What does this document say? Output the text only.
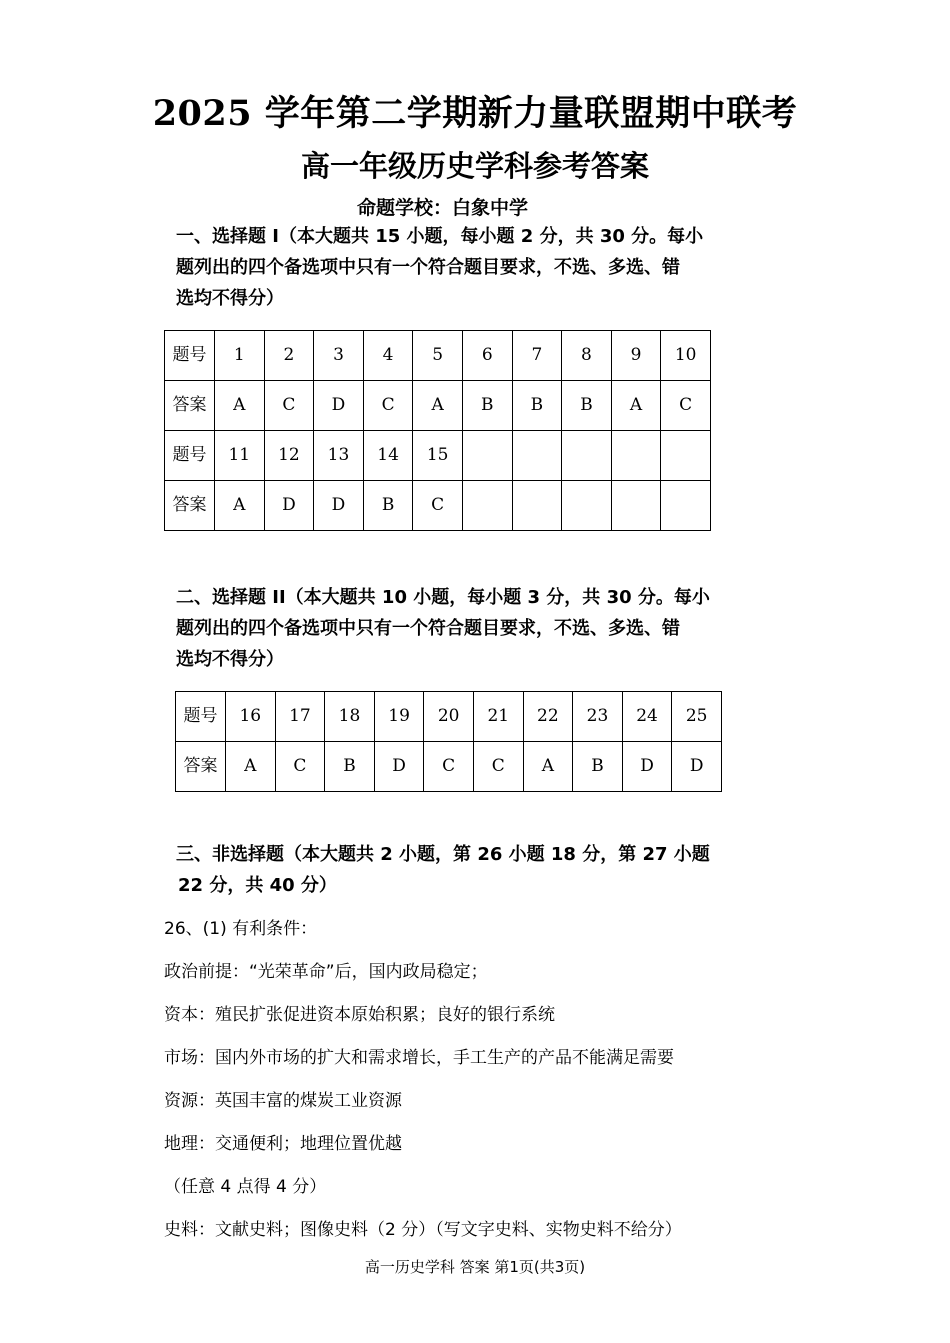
2025 学年第二学期新力量联盟期中联考
高一年级历史学科参考答案
命题学校：白象中学
一、选择题 I（本大题共 15 小题，每小题 2 分，共 30 分。每小
题列出的四个备选项中只有一个符合题目要求，不选、多选、错
选均不得分）
题号	1	2	3	4	5	6	7	8	9	10
答案	A	C	D	C	A	B	B	B	A	C
题号	11	12	13	14	15					
答案	A	D	D	B	C					
二、选择题 II（本大题共 10 小题，每小题 3 分，共 30 分。每小
题列出的四个备选项中只有一个符合题目要求，不选、多选、错
选均不得分）
题号	16	17	18	19	20	21	22	23	24	25
答案	A	C	B	D	C	C	A	B	D	D
三、非选择题（本大题共 2 小题，第 26 小题 18 分，第 27 小题
22 分，共 40 分）
26、(1) 有利条件：
政治前提：“光荣革命”后，国内政局稳定；
资本：殖民扩张促进资本原始积累；良好的银行系统
市场：国内外市场的扩大和需求增长，手工生产的产品不能满足需要
资源：英国丰富的煤炭工业资源
地理：交通便利；地理位置优越
（任意 4 点得 4 分）
史料：文献史料；图像史料（2 分）（写文字史料、实物史料不给分）
高一历史学科 答案 第1页(共3页)
